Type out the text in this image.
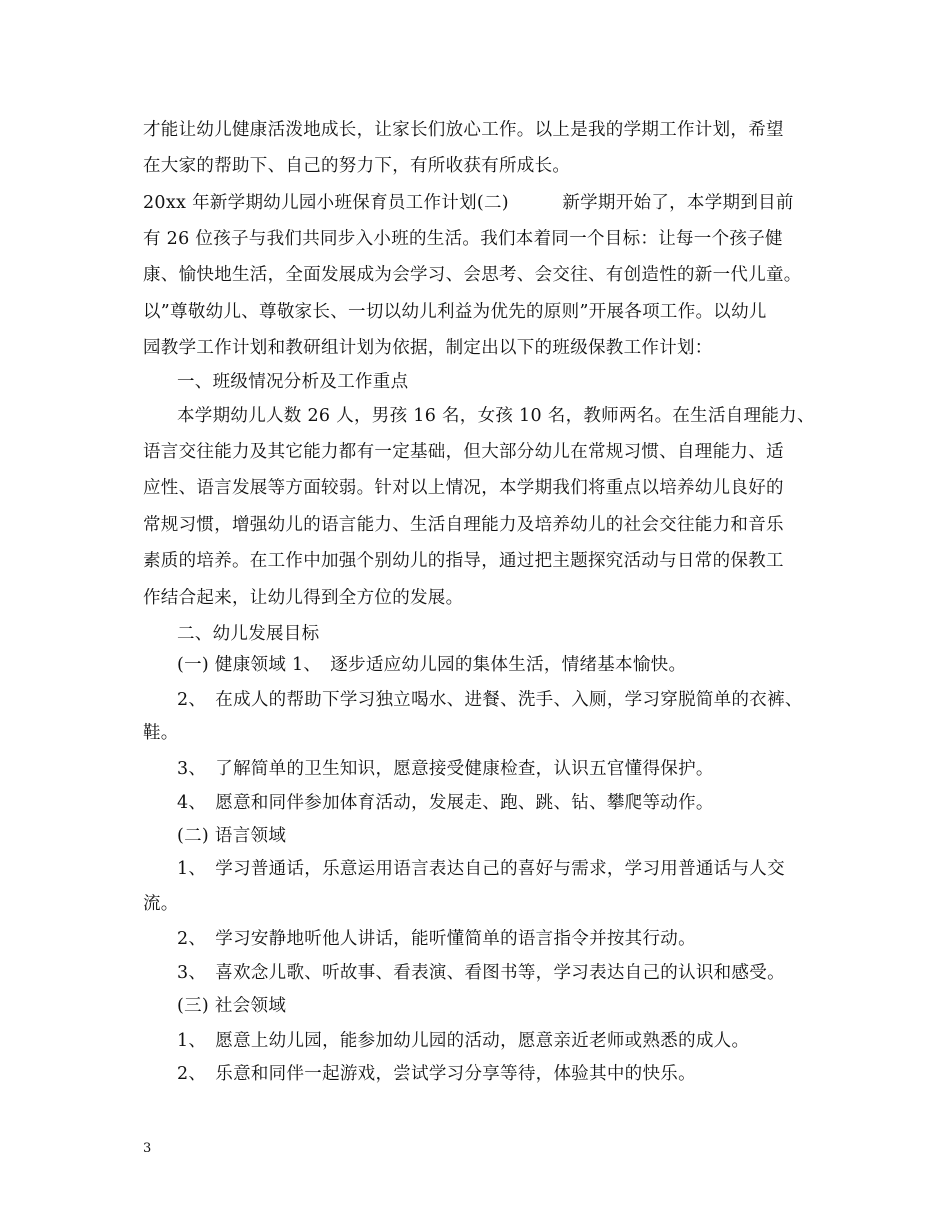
才能让幼儿健康活泼地成长，让家长们放心工作。以上是我的学期工作计划，希望
在大家的帮助下、自己的努力下，有所收获有所成长。
20xx 年新学期幼儿园小班保育员工作计划(二)　　　新学期开始了，本学期到目前
有 26 位孩子与我们共同步入小班的生活。我们本着同一个目标：让每一个孩子健
康、愉快地生活，全面发展成为会学习、会思考、会交往、有创造性的新一代儿童。
以”尊敬幼儿、尊敬家长、一切以幼儿利益为优先的原则”开展各项工作。以幼儿
园教学工作计划和教研组计划为依据，制定出以下的班级保教工作计划：
一、班级情况分析及工作重点
本学期幼儿人数 26 人，男孩 16 名，女孩 10 名，教师两名。在生活自理能力、
语言交往能力及其它能力都有一定基础，但大部分幼儿在常规习惯、自理能力、适
应性、语言发展等方面较弱。针对以上情况，本学期我们将重点以培养幼儿良好的
常规习惯，增强幼儿的语言能力、生活自理能力及培养幼儿的社会交往能力和音乐
素质的培养。在工作中加强个别幼儿的指导，通过把主题探究活动与日常的保教工
作结合起来，让幼儿得到全方位的发展。
二、幼儿发展目标
(一) 健康领域 1、　逐步适应幼儿园的集体生活，情绪基本愉快。
2、　在成人的帮助下学习独立喝水、进餐、洗手、入厕，学习穿脱简单的衣裤、
鞋。
3、　了解简单的卫生知识，愿意接受健康检查，认识五官懂得保护。
4、　愿意和同伴参加体育活动，发展走、跑、跳、钻、攀爬等动作。
(二) 语言领域
1、　学习普通话，乐意运用语言表达自己的喜好与需求，学习用普通话与人交
流。
2、　学习安静地听他人讲话，能听懂简单的语言指令并按其行动。
3、　喜欢念儿歌、听故事、看表演、看图书等，学习表达自己的认识和感受。
(三) 社会领域
1、　愿意上幼儿园，能参加幼儿园的活动，愿意亲近老师或熟悉的成人。
2、　乐意和同伴一起游戏，尝试学习分享等待，体验其中的快乐。
3
